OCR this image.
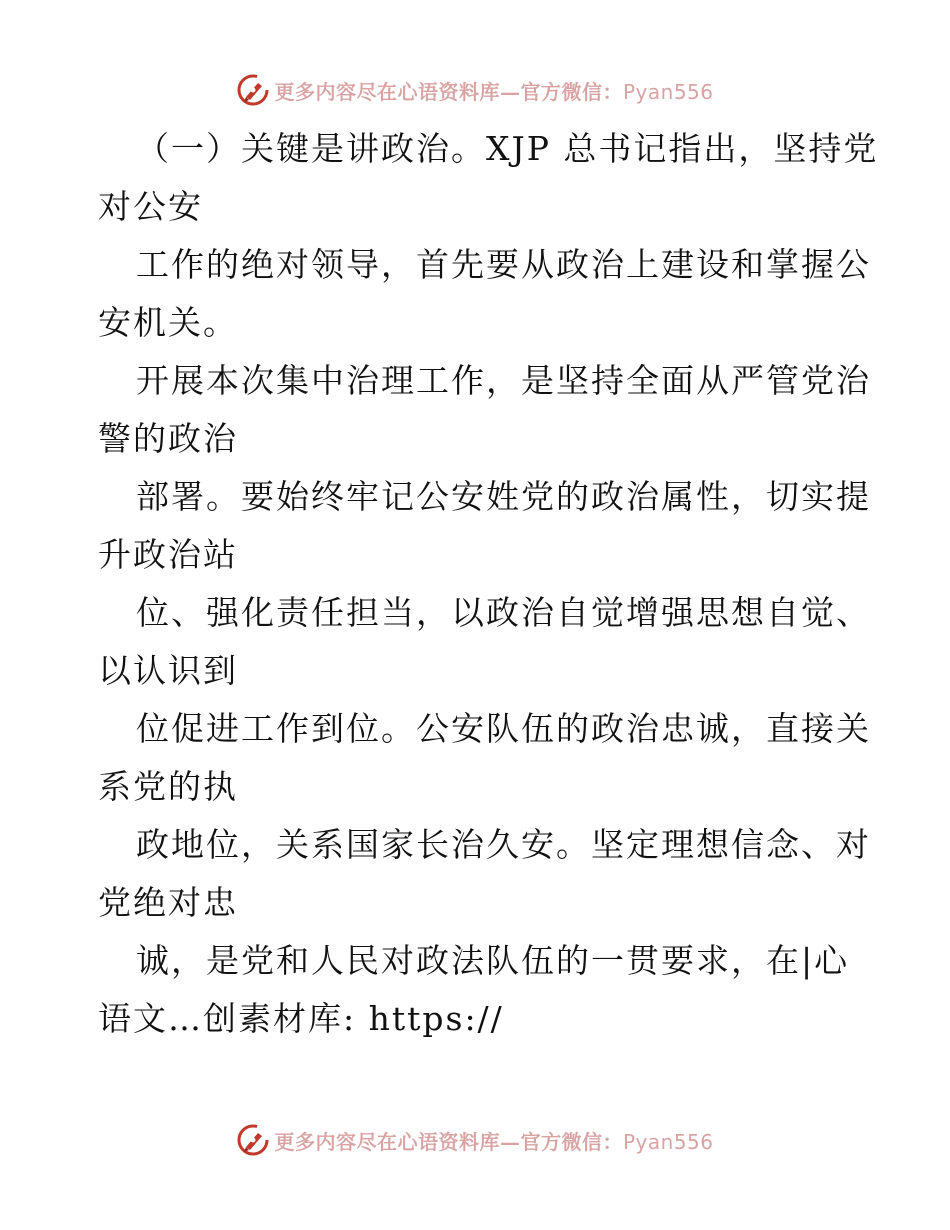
更多内容尽在心语资料库—官方微信：Pyan556
（一）关键是讲政治。XJP 总书记指出，坚持党
对公安
工作的绝对领导，首先要从政治上建设和掌握公
安机关。
开展本次集中治理工作，是坚持全面从严管党治
警的政治
部署。要始终牢记公安姓党的政治属性，切实提
升政治站
位、强化责任担当，以政治自觉增强思想自觉、
以认识到
位促进工作到位。公安队伍的政治忠诚，直接关
系党的执
政地位，关系国家长治久安。坚定理想信念、对
党绝对忠
诚，是党和人民对政法队伍的一贯要求，在|心
语文…创素材库: https://
更多内容尽在心语资料库—官方微信：Pyan556
